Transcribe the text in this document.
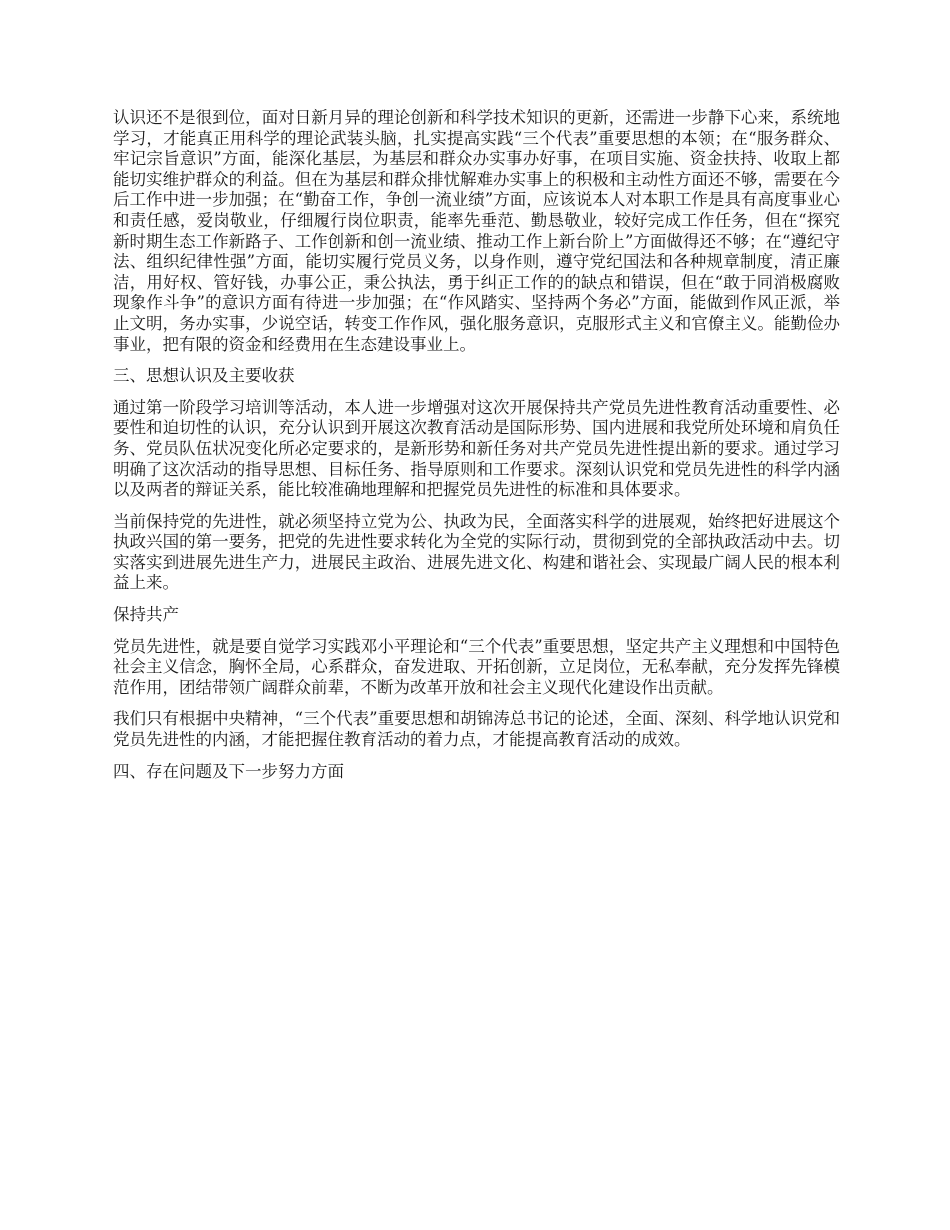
认识还不是很到位，面对日新月异的理论创新和科学技术知识的更新，还需进一步静下心来，系统地学习，才能真正用科学的理论武装头脑，扎实提高实践“三个代表”重要思想的本领；在“服务群众、牢记宗旨意识”方面，能深化基层，为基层和群众办实事办好事，在项目实施、资金扶持、收取上都能切实维护群众的利益。但在为基层和群众排忧解难办实事上的积极和主动性方面还不够，需要在今后工作中进一步加强；在“勤奋工作，争创一流业绩”方面，应该说本人对本职工作是具有高度事业心和责任感，爱岗敬业，仔细履行岗位职责，能率先垂范、勤恳敬业，较好完成工作任务，但在“探究新时期生态工作新路子、工作创新和创一流业绩、推动工作上新台阶上”方面做得还不够；在“遵纪守法、组织纪律性强”方面，能切实履行党员义务，以身作则，遵守党纪国法和各种规章制度，清正廉洁，用好权、管好钱，办事公正，秉公执法，勇于纠正工作的的缺点和错误，但在“敢于同消极腐败现象作斗争”的意识方面有待进一步加强；在“作风踏实、坚持两个务必”方面，能做到作风正派，举止文明，务办实事，少说空话，转变工作作风，强化服务意识，克服形式主义和官僚主义。能勤俭办事业，把有限的资金和经费用在生态建设事业上。

三、思想认识及主要收获

通过第一阶段学习培训等活动，本人进一步增强对这次开展保持共产党员先进性教育活动重要性、必要性和迫切性的认识，充分认识到开展这次教育活动是国际形势、国内进展和我党所处环境和肩负任务、党员队伍状况变化所必定要求的，是新形势和新任务对共产党员先进性提出新的要求。通过学习明确了这次活动的指导思想、目标任务、指导原则和工作要求。深刻认识党和党员先进性的科学内涵以及两者的辩证关系，能比较准确地理解和把握党员先进性的标准和具体要求。

当前保持党的先进性，就必须坚持立党为公、执政为民，全面落实科学的进展观，始终把好进展这个执政兴国的第一要务，把党的先进性要求转化为全党的实际行动，贯彻到党的全部执政活动中去。切实落实到进展先进生产力，进展民主政治、进展先进文化、构建和谐社会、实现最广阔人民的根本利益上来。

保持共产

党员先进性，就是要自觉学习实践邓小平理论和“三个代表”重要思想，坚定共产主义理想和中国特色社会主义信念，胸怀全局，心系群众，奋发进取、开拓创新，立足岗位，无私奉献，充分发挥先锋模范作用，团结带领广阔群众前辈，不断为改革开放和社会主义现代化建设作出贡献。

我们只有根据中央精神，“三个代表”重要思想和胡锦涛总书记的论述，全面、深刻、科学地认识党和党员先进性的内涵，才能把握住教育活动的着力点，才能提高教育活动的成效。

四、存在问题及下一步努力方面
